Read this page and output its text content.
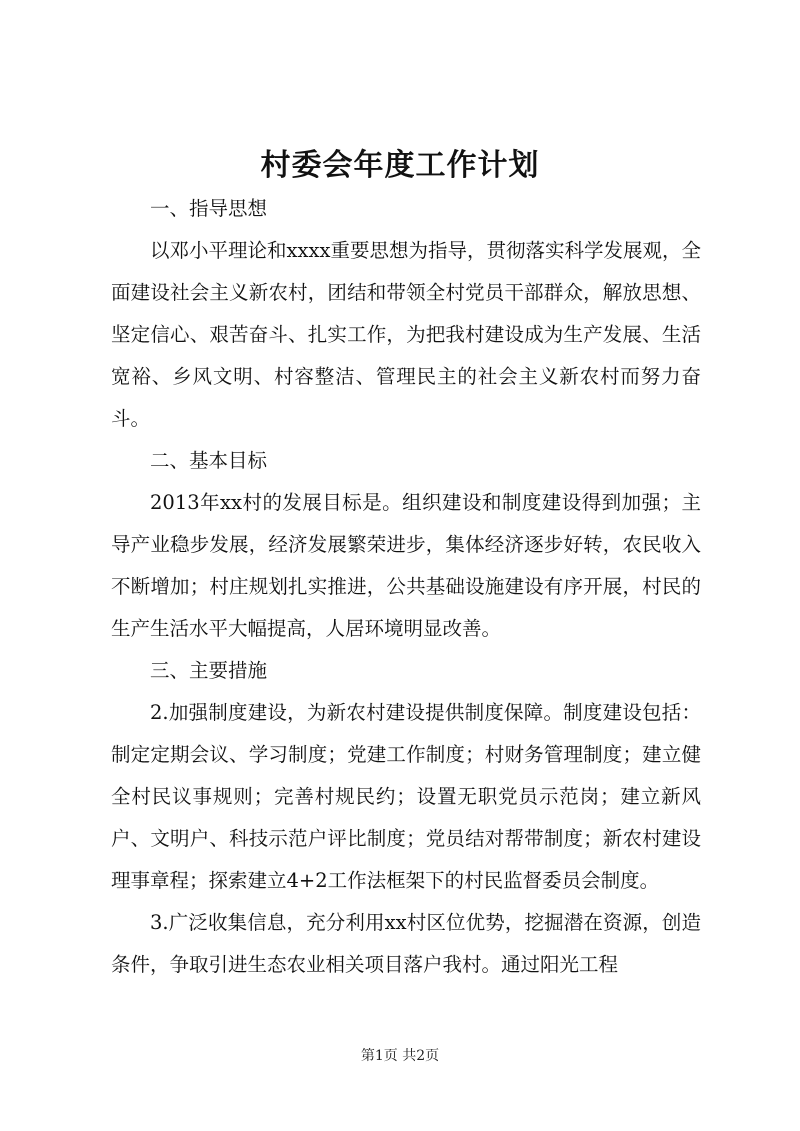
村委会年度工作计划

一、指导思想

以邓小平理论和xxxx重要思想为指导，贯彻落实科学发展观，全面建设社会主义新农村，团结和带领全村党员干部群众，解放思想、坚定信心、艰苦奋斗、扎实工作，为把我村建设成为生产发展、生活宽裕、乡风文明、村容整洁、管理民主的社会主义新农村而努力奋斗。

二、基本目标

2013年xx村的发展目标是。组织建设和制度建设得到加强；主导产业稳步发展，经济发展繁荣进步，集体经济逐步好转，农民收入不断增加；村庄规划扎实推进，公共基础设施建设有序开展，村民的生产生活水平大幅提高，人居环境明显改善。

三、主要措施

2.加强制度建设，为新农村建设提供制度保障。制度建设包括：制定定期会议、学习制度；党建工作制度；村财务管理制度；建立健全村民议事规则；完善村规民约；设置无职党员示范岗；建立新风户、文明户、科技示范户评比制度；党员结对帮带制度；新农村建设理事章程；探索建立4+2工作法框架下的村民监督委员会制度。

3.广泛收集信息，充分利用xx村区位优势，挖掘潜在资源，创造条件，争取引进生态农业相关项目落户我村。通过阳光工程

第1页 共2页
